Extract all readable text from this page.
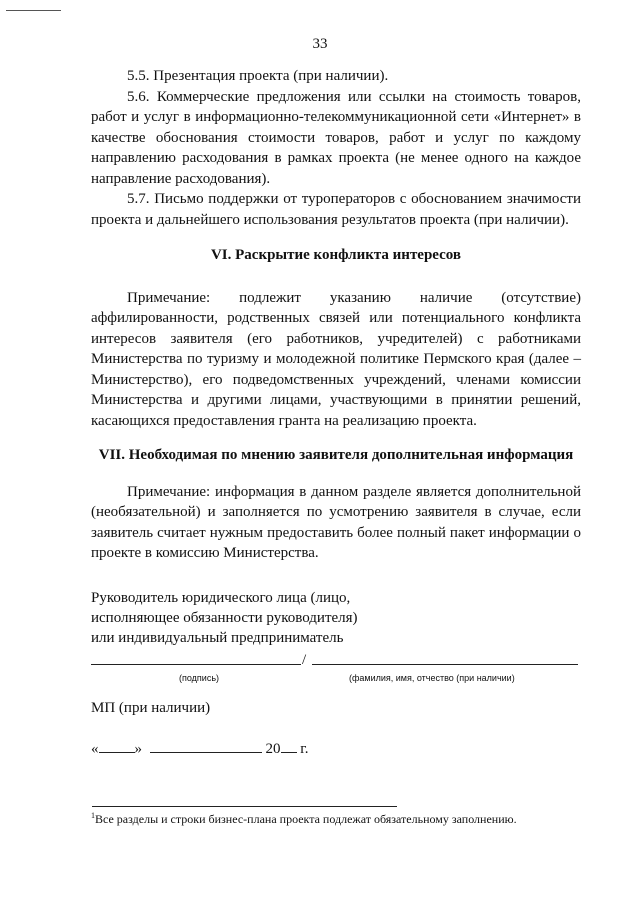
33

5.5. Презентация проекта (при наличии).

5.6. Коммерческие предложения или ссылки на стоимость товаров, работ и услуг в информационно-телекоммуникационной сети «Интернет» в качестве обоснования стоимости товаров, работ и услуг по каждому направлению расходования в рамках проекта (не менее одного на каждое направление расходования).

5.7. Письмо поддержки от туроператоров с обоснованием значимости проекта и дальнейшего использования результатов проекта (при наличии).

VI. Раскрытие конфликта интересов

Примечание: подлежит указанию наличие (отсутствие) аффилированности, родственных связей или потенциального конфликта интересов заявителя (его работников, учредителей) с работниками Министерства по туризму и молодежной политике Пермского края (далее – Министерство), его подведомственных учреждений, членами комиссии Министерства и другими лицами, участвующими в принятии решений, касающихся предоставления гранта на реализацию проекта.

VII. Необходимая по мнению заявителя дополнительная информация

Примечание: информация в данном разделе является дополнительной (необязательной) и заполняется по усмотрению заявителя в случае, если заявитель считает нужным предоставить более полный пакет информации о проекте в комиссию Министерства.

Руководитель юридического лица (лицо, исполняющее обязанности руководителя) или индивидуальный предприниматель
/
(подпись)	(фамилия, имя, отчество (при наличии)
МП (при наличии)
« »	20 г.
$^1$Все разделы и строки бизнес-плана проекта подлежат обязательному заполнению.
